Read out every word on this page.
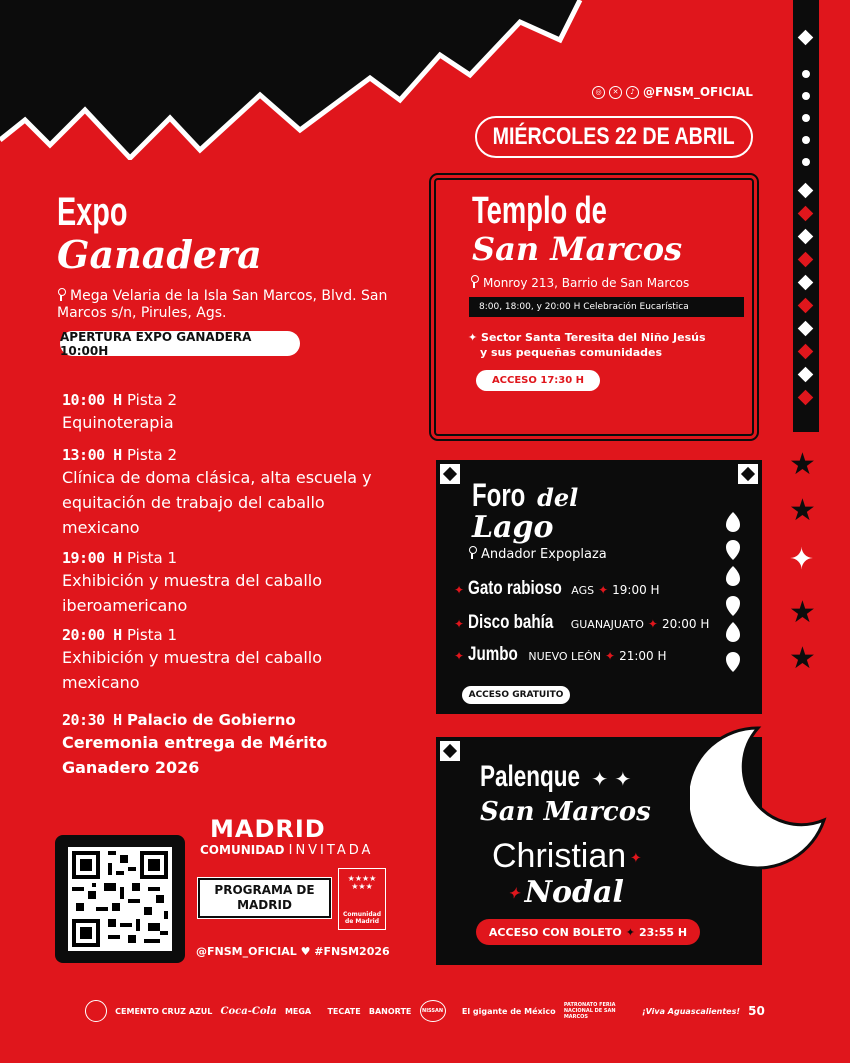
◎	✕	♪ @FNSM_OFICIAL
MIÉRCOLES 22 DE ABRIL
★
★
✦
★
★
Expo
Ganadera
Mega Velaria de la Isla San Marcos, Blvd. San Marcos s/n, Pirules, Ags.
APERTURA EXPO GANADERA 10:00H
10:00 H Pista 2
Equinoterapia
13:00 H Pista 2
Clínica de doma clásica, alta escuela y equitación de trabajo del caballo mexicano
19:00 H Pista 1
Exhibición y muestra del caballo iberoamericano
20:00 H Pista 1
Exhibición y muestra del caballo mexicano
20:30 H Palacio de Gobierno
Ceremonia entrega de Mérito Ganadero 2026
Templo de
San Marcos
Monroy 213, Barrio de San Marcos
8:00, 18:00, y 20:00 H Celebración Eucarística
✦ Sector Santa Teresita del Niño Jesús
y sus pequeñas comunidades
ACCESO 17:30 H
Foro del
Lago
Andador Expoplaza
✦ Gato rabioso AGS ✦ 19:00 H
✦ Disco bahía GUANAJUATO ✦ 20:00 H
✦ Jumbo NUEVO LEÓN ✦ 21:00 H
ACCESO GRATUITO
Palenque ✦ ✦
San Marcos
Christian ✦
✦ Nodal
ACCESO CON BOLETO ✦ 23:55 H
MADRID
COMUNIDAD INVITADA
PROGRAMA DE MADRID
★★★★ ★★★
Comunidad de Madrid
@FNSM_OFICIAL ♥ #FNSM2026
CEMENTO CRUZ AZUL Coca-Cola MEGA TECATE BANORTE	NISSAN	El gigante de México
PATRONATO FERIA NACIONAL DE SAN MARCOS
¡Viva Aguascalientes! 50
